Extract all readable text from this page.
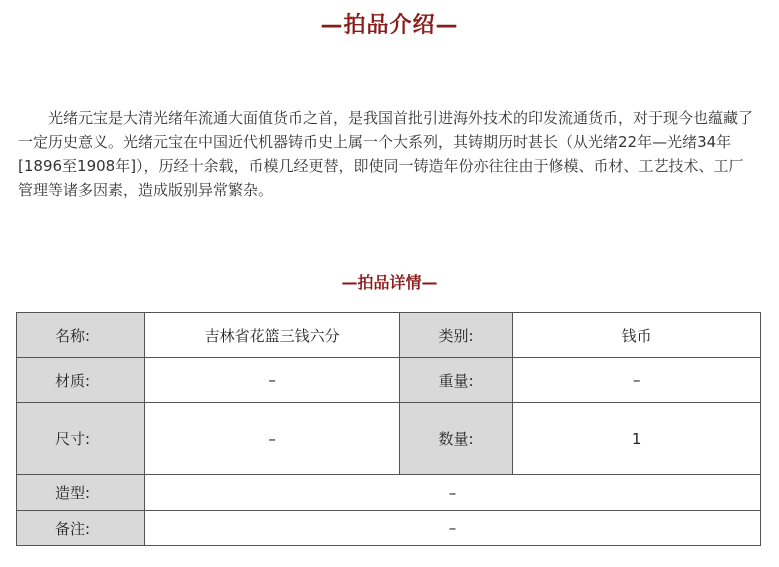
—拍品介绍—

光绪元宝是大清光绪年流通大面值货币之首，是我国首批引进海外技术的印发流通货币，对于现今也蕴藏了一定历史意义。光绪元宝在中国近代机器铸币史上属一个大系列，其铸期历时甚长（从光绪22年—光绪34年[1896至1908年]），历经十余载，币模几经更替，即使同一铸造年份亦往往由于修模、币材、工艺技术、工厂管理等诸多因素，造成版别异常繁杂。

—拍品详情—
名称:	吉林省花篮三钱六分	类别:	钱币
材质:	–	重量:	–
尺寸:	–	数量:	1
造型:	–		
备注:	–		
